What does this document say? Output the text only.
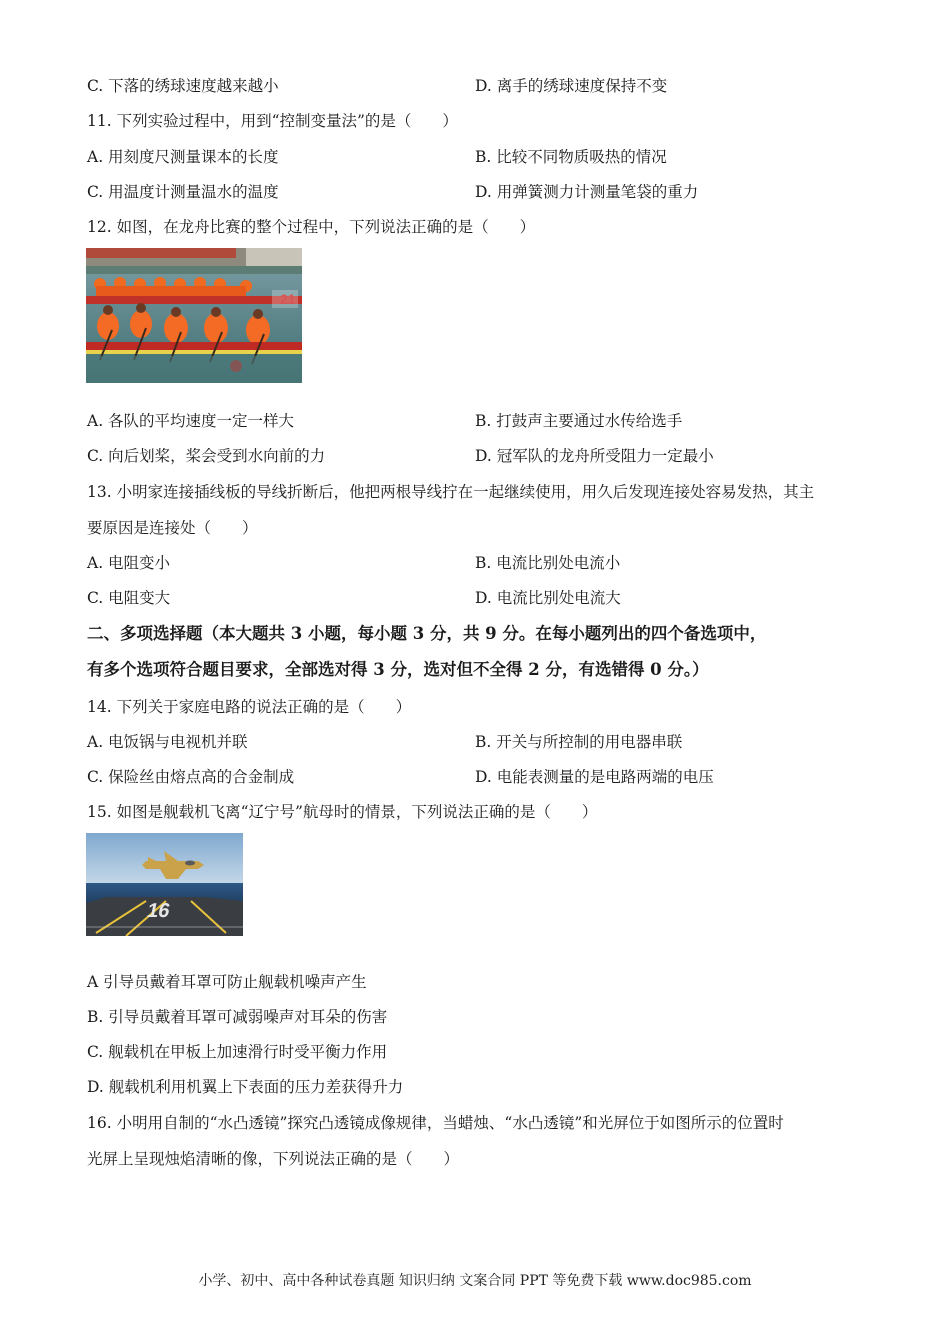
C. 下落的绣球速度越来越小	D. 离手的绣球速度保持不变
11. 下列实验过程中，用到“控制变量法”的是（　　）
A. 用刻度尺测量课本的长度	B. 比较不同物质吸热的情况
C. 用温度计测量温水的温度	D. 用弹簧测力计测量笔袋的重力
12. 如图，在龙舟比赛的整个过程中，下列说法正确的是（　　）
21
A. 各队的平均速度一定一样大	B. 打鼓声主要通过水传给选手
C. 向后划桨，桨会受到水向前的力	D. 冠军队的龙舟所受阻力一定最小
13. 小明家连接插线板的导线折断后，他把两根导线拧在一起继续使用，用久后发现连接处容易发热，其主
要原因是连接处（　　）
A. 电阻变小	B. 电流比别处电流小
C. 电阻变大	D. 电流比别处电流大
二、多项选择题（本大题共 3 小题，每小题 3 分，共 9 分。在每小题列出的四个备选项中，
有多个选项符合题目要求，全部选对得 3 分，选对但不全得 2 分，有选错得 0 分。）
14. 下列关于家庭电路的说法正确的是（　　）
A. 电饭锅与电视机并联	B. 开关与所控制的用电器串联
C. 保险丝由熔点高的合金制成	D. 电能表测量的是电路两端的电压
15. 如图是舰载机飞离“辽宁号”航母时的情景，下列说法正确的是（　　）
16
A 引导员戴着耳罩可防止舰载机噪声产生
B. 引导员戴着耳罩可减弱噪声对耳朵的伤害
C. 舰载机在甲板上加速滑行时受平衡力作用
D. 舰载机利用机翼上下表面的压力差获得升力
16. 小明用自制的“水凸透镜”探究凸透镜成像规律，当蜡烛、“水凸透镜”和光屏位于如图所示的位置时
光屏上呈现烛焰清晰的像，下列说法正确的是（　　）
小学、初中、高中各种试卷真题 知识归纳 文案合同 PPT 等免费下载 www.doc985.com
